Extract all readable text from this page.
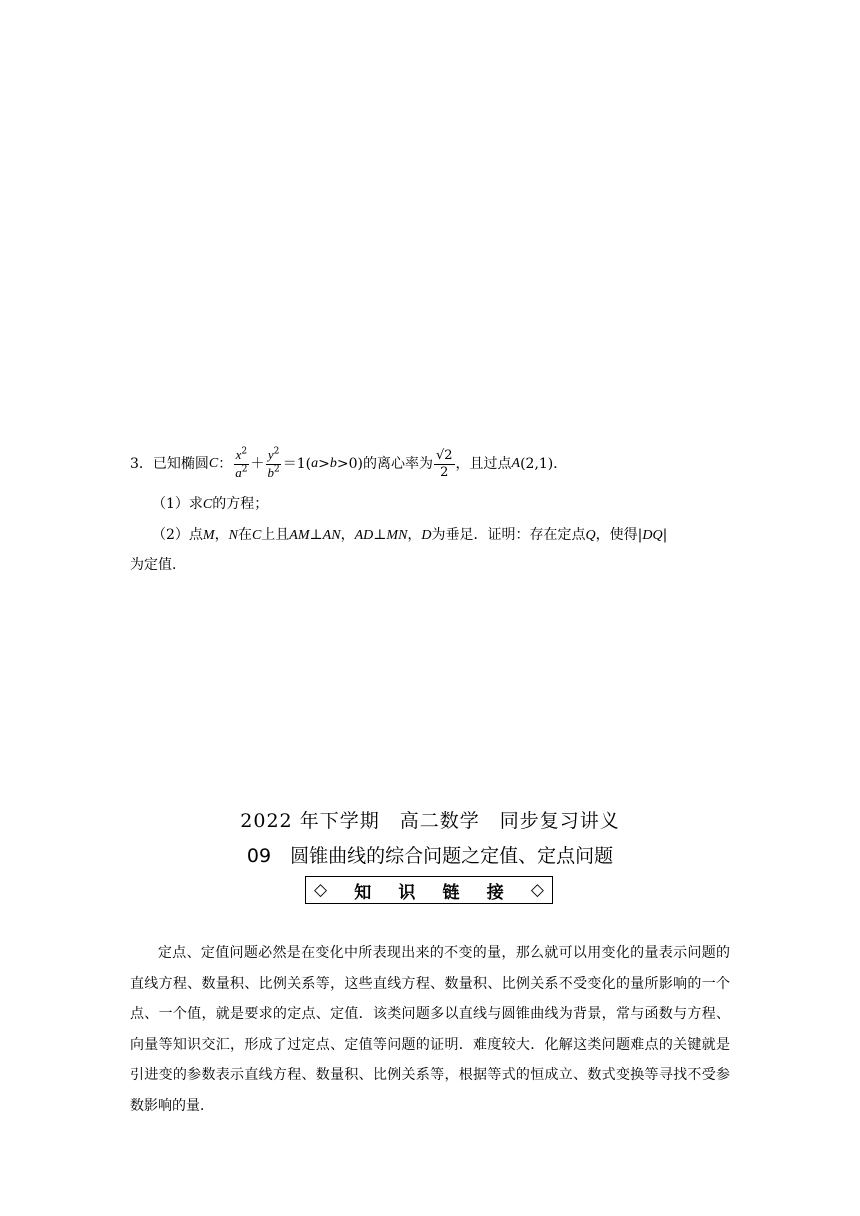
3． 已知椭圆 C ： $\frac{x^2}{a^2} + \frac{y^2}{b^2} =1$( a > b >0)的离心率为 $\frac{√2}{2}$ ，且过点 A (2,1)．
（1）求C的方程；
（2）点M，N在C上且AM⊥AN，AD⊥MN，D为垂足．证明：存在定点Q，使得|DQ|
为定值．
2022 年下学期　高二数学　同步复习讲义
09　圆锥曲线的综合问题之定值、定点问题
◇ 知 识 链 接 ◇

定点、定值问题必然是在变化中所表现出来的不变的量，那么就可以用变化的量表示问题的直线方程、数量积、比例关系等，这些直线方程、数量积、比例关系不受变化的量所影响的一个点、一个值，就是要求的定点、定值．该类问题多以直线与圆锥曲线为背景，常与函数与方程、向量等知识交汇，形成了过定点、定值等问题的证明．难度较大．化解这类问题难点的关键就是引进变的参数表示直线方程、数量积、比例关系等，根据等式的恒成立、数式变换等寻找不受参数影响的量．
